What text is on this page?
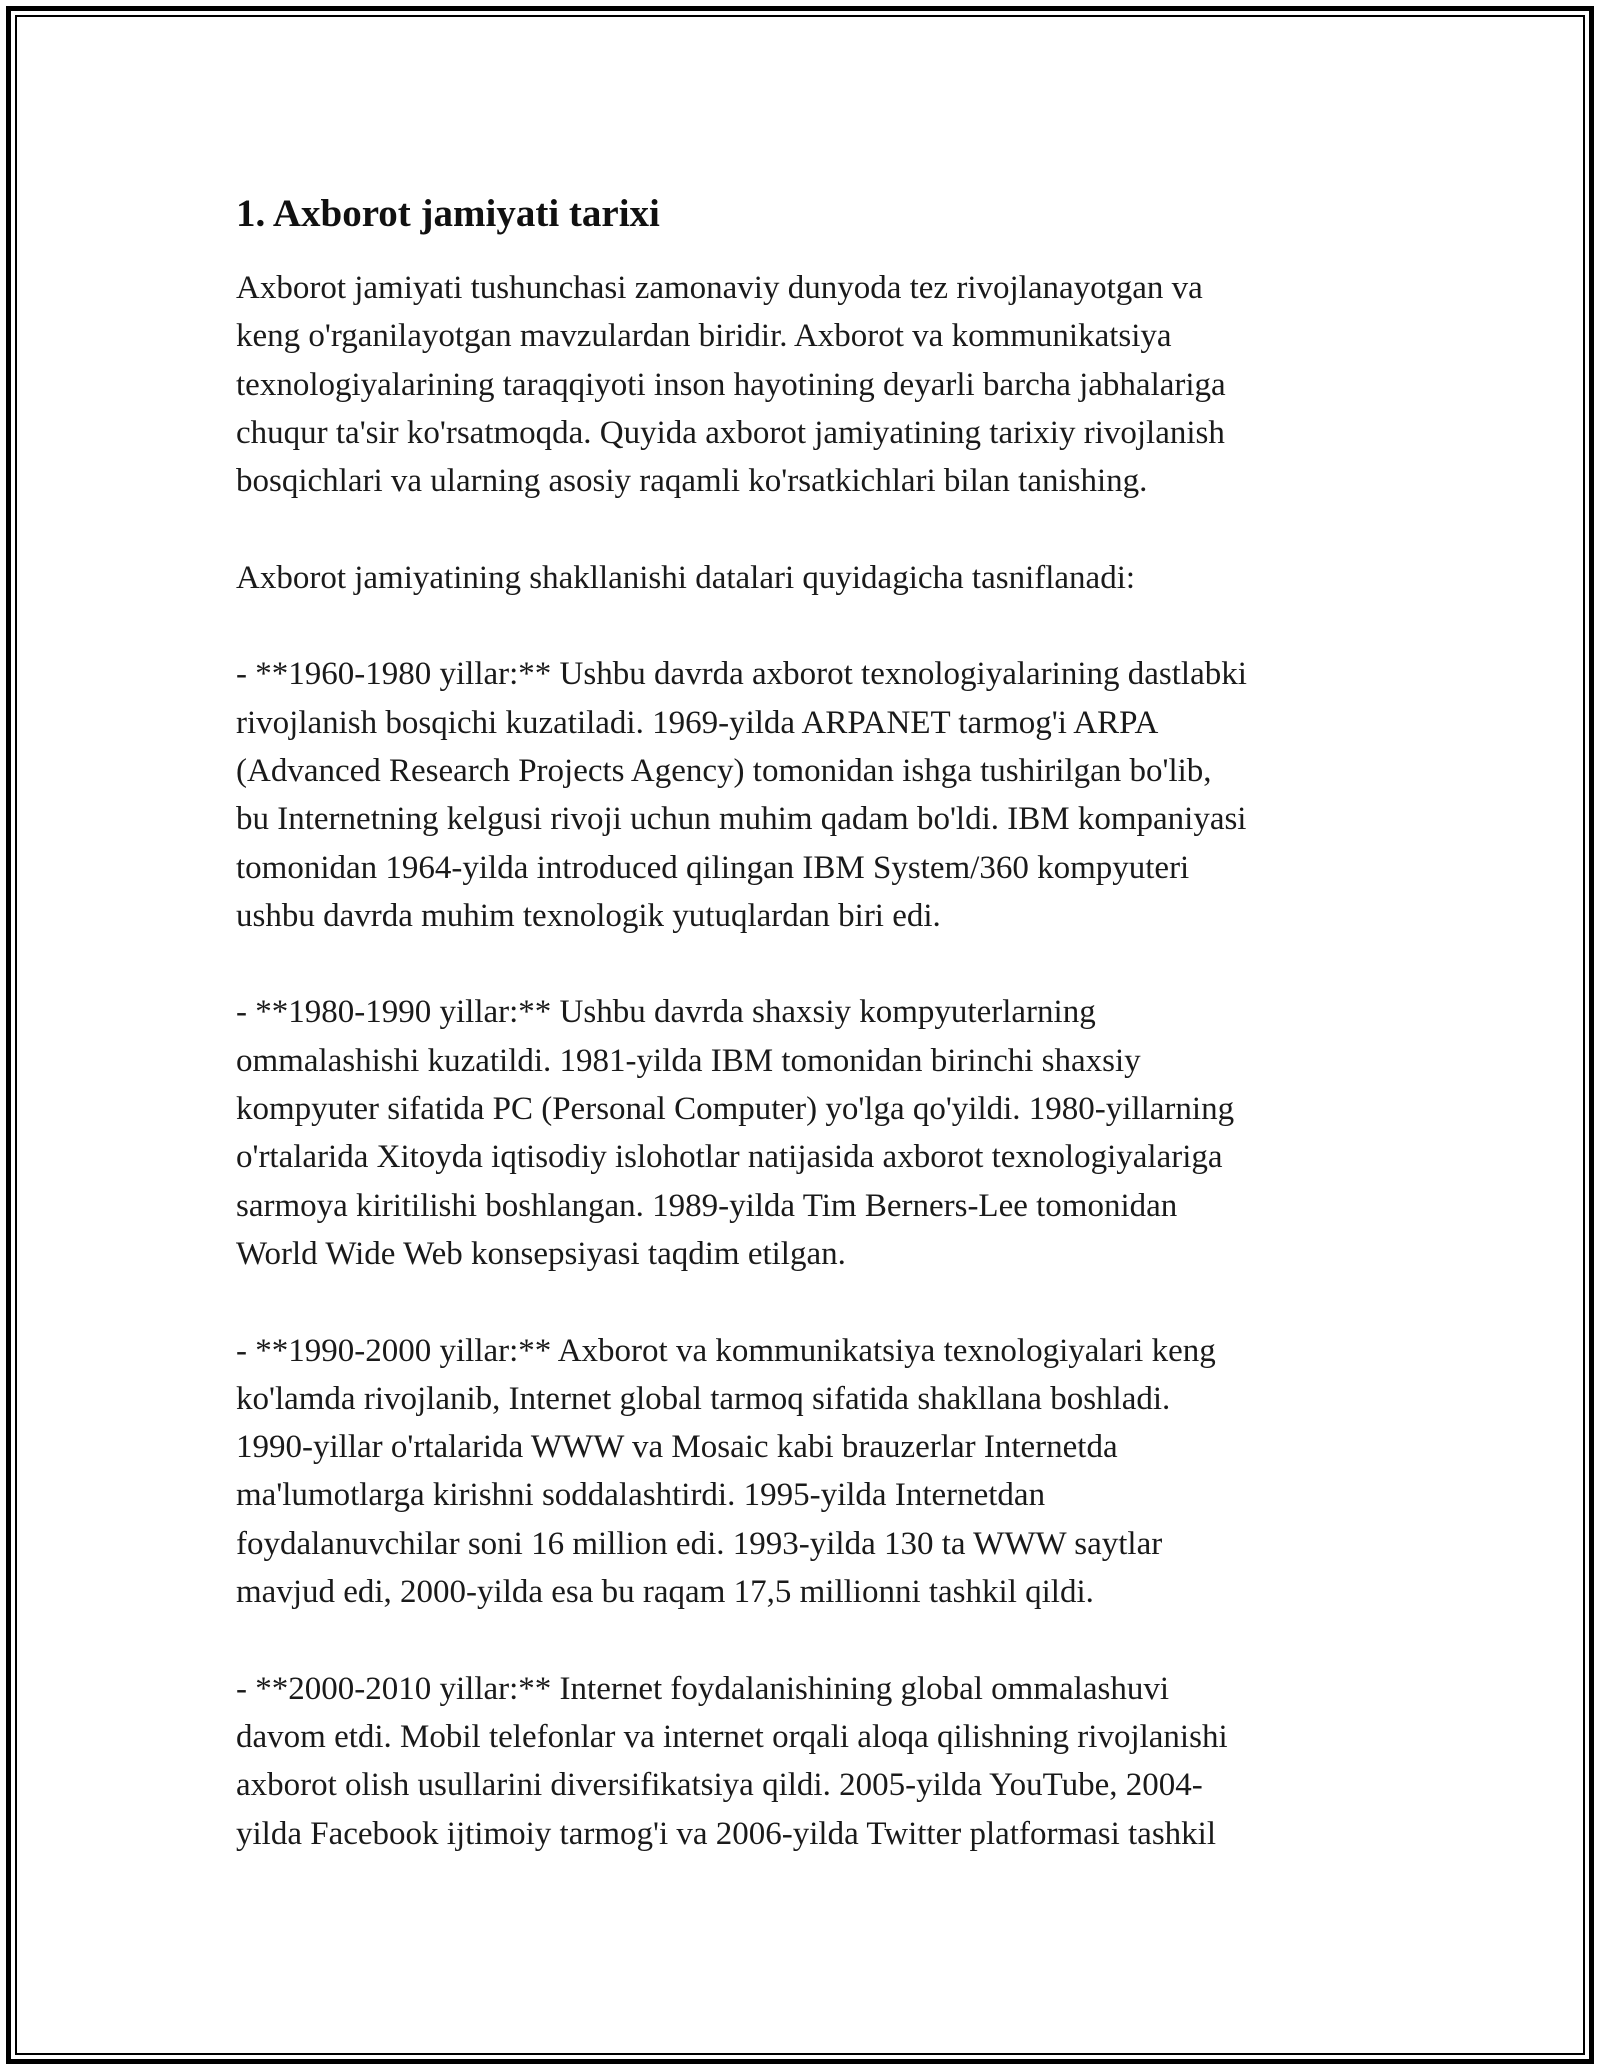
1. Axborot jamiyati tarixi

Axborot jamiyati tushunchasi zamonaviy dunyoda tez rivojlanayotgan va
keng o'rganilayotgan mavzulardan biridir. Axborot va kommunikatsiya
texnologiyalarining taraqqiyoti inson hayotining deyarli barcha jabhalariga
chuqur ta'sir ko'rsatmoqda. Quyida axborot jamiyatining tarixiy rivojlanish
bosqichlari va ularning asosiy raqamli ko'rsatkichlari bilan tanishing.

Axborot jamiyatining shakllanishi datalari quyidagicha tasniflanadi:

- **1960-1980 yillar:** Ushbu davrda axborot texnologiyalarining dastlabki
rivojlanish bosqichi kuzatiladi. 1969-yilda ARPANET tarmog'i ARPA
(Advanced Research Projects Agency) tomonidan ishga tushirilgan bo'lib,
bu Internetning kelgusi rivoji uchun muhim qadam bo'ldi. IBM kompaniyasi
tomonidan 1964-yilda introduced qilingan IBM System/360 kompyuteri
ushbu davrda muhim texnologik yutuqlardan biri edi.

- **1980-1990 yillar:** Ushbu davrda shaxsiy kompyuterlarning
ommalashishi kuzatildi. 1981-yilda IBM tomonidan birinchi shaxsiy
kompyuter sifatida PC (Personal Computer) yo'lga qo'yildi. 1980-yillarning
o'rtalarida Xitoyda iqtisodiy islohotlar natijasida axborot texnologiyalariga
sarmoya kiritilishi boshlangan. 1989-yilda Tim Berners-Lee tomonidan
World Wide Web konsepsiyasi taqdim etilgan.

- **1990-2000 yillar:** Axborot va kommunikatsiya texnologiyalari keng
ko'lamda rivojlanib, Internet global tarmoq sifatida shakllana boshladi.
1990-yillar o'rtalarida WWW va Mosaic kabi brauzerlar Internetda
ma'lumotlarga kirishni soddalashtirdi. 1995-yilda Internetdan
foydalanuvchilar soni 16 million edi. 1993-yilda 130 ta WWW saytlar
mavjud edi, 2000-yilda esa bu raqam 17,5 millionni tashkil qildi.

- **2000-2010 yillar:** Internet foydalanishining global ommalashuvi
davom etdi. Mobil telefonlar va internet orqali aloqa qilishning rivojlanishi
axborot olish usullarini diversifikatsiya qildi. 2005-yilda YouTube, 2004-
yilda Facebook ijtimoiy tarmog'i va 2006-yilda Twitter platformasi tashkil
